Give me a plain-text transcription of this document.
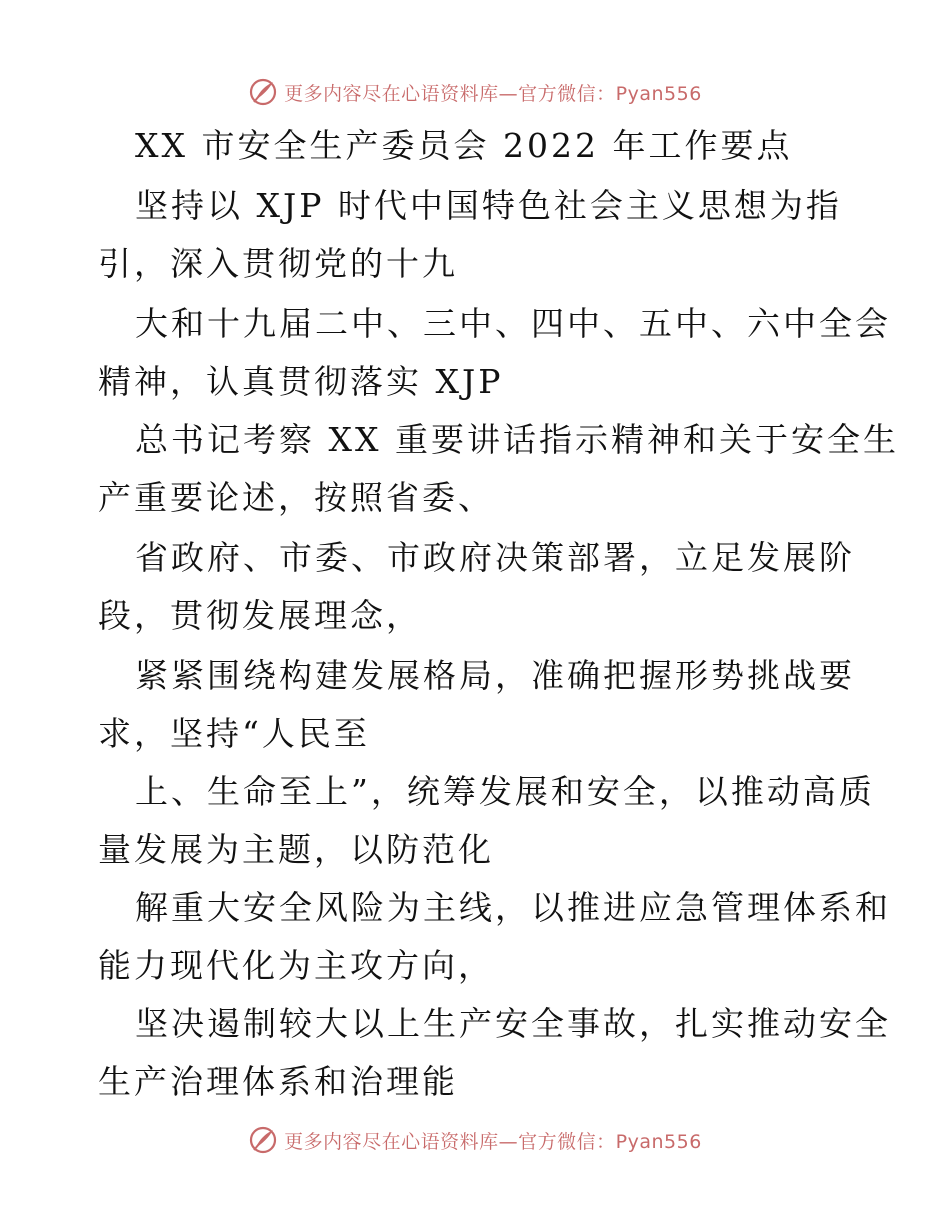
更多内容尽在心语资料库—官方微信：Pyan556
XX 市安全生产委员会 2022 年工作要点
坚持以 XJP 时代中国特色社会主义思想为指
引，深入贯彻党的十九
大和十九届二中、三中、四中、五中、六中全会
精神，认真贯彻落实 XJP
总书记考察 XX 重要讲话指示精神和关于安全生
产重要论述，按照省委、
省政府、市委、市政府决策部署，立足发展阶
段，贯彻发展理念，
紧紧围绕构建发展格局，准确把握形势挑战要
求，坚持“人民至
上、生命至上”，统筹发展和安全，以推动高质
量发展为主题，以防范化
解重大安全风险为主线，以推进应急管理体系和
能力现代化为主攻方向，
坚决遏制较大以上生产安全事故，扎实推动安全
生产治理体系和治理能
更多内容尽在心语资料库—官方微信：Pyan556
